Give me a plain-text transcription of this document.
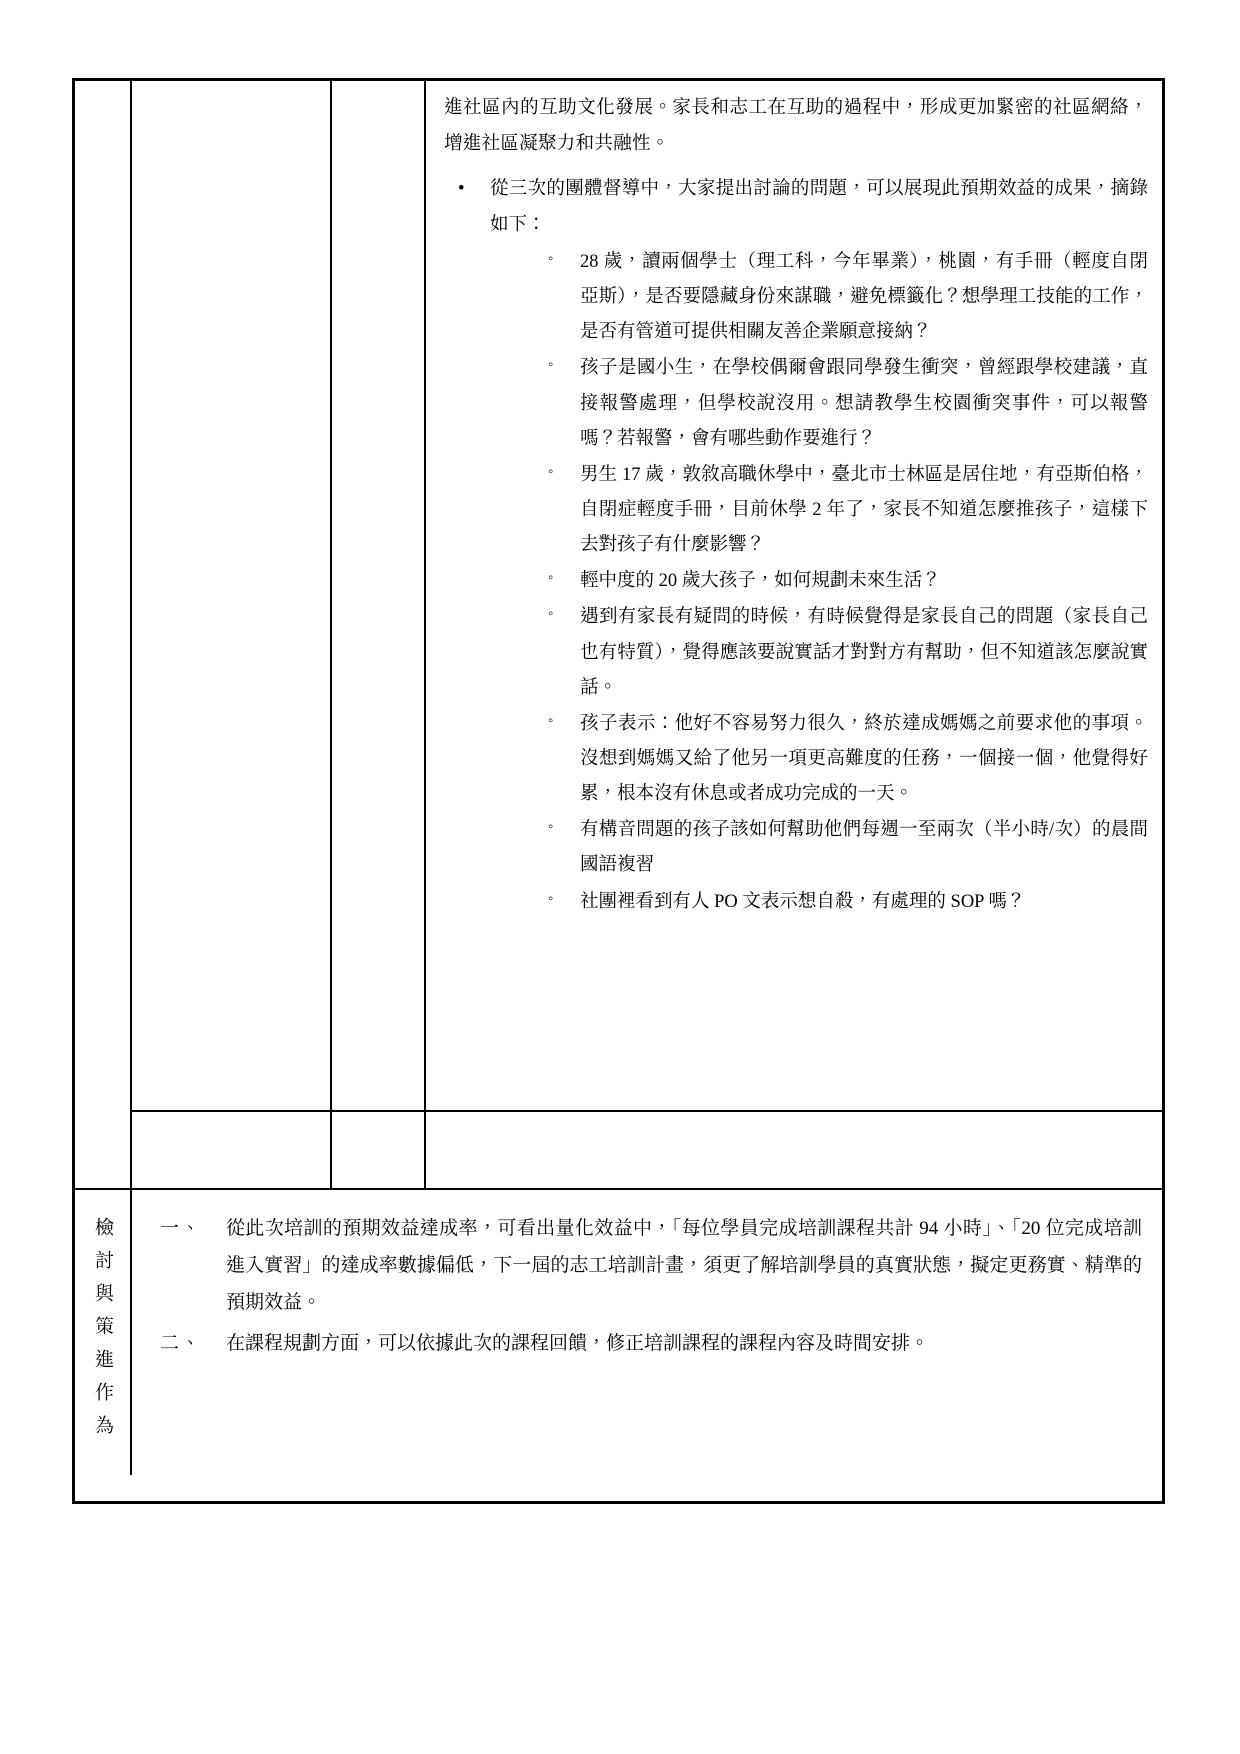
進社區內的互助文化發展。家長和志工在互助的過程中，形成更加緊密的社區網絡，增進社區凝聚力和共融性。

• 從三次的團體督導中，大家提出討論的問題，可以展現此預期效益的成果，摘錄如下：
◦ 28 歲，讀兩個學士（理工科，今年畢業），桃園，有手冊（輕度自閉亞斯），是否要隱藏身份來謀職，避免標籤化？想學理工技能的工作，是否有管道可提供相關友善企業願意接納？
◦ 孩子是國小生，在學校偶爾會跟同學發生衝突，曾經跟學校建議，直接報警處理，但學校說沒用。想請教學生校園衝突事件，可以報警嗎？若報警，會有哪些動作要進行？
◦ 男生 17 歲，敦敘高職休學中，臺北市士林區是居住地，有亞斯伯格，自閉症輕度手冊，目前休學 2 年了，家長不知道怎麼推孩子，這樣下去對孩子有什麼影響？
◦ 輕中度的 20 歲大孩子，如何規劃未來生活？
◦ 遇到有家長有疑問的時候，有時候覺得是家長自己的問題（家長自己也有特質），覺得應該要說實話才對對方有幫助，但不知道該怎麼說實話。
◦ 孩子表示：他好不容易努力很久，終於達成媽媽之前要求他的事項。沒想到媽媽又給了他另一項更高難度的任務，一個接一個，他覺得好累，根本沒有休息或者成功完成的一天。
◦ 有構音問題的孩子該如何幫助他們每週一至兩次（半小時/次）的晨間國語複習
◦ 社團裡看到有人 PO 文表示想自殺，有處理的 SOP 嗎？
檢討與策進作為 一、	從此次培訓的預期效益達成率，可看出量化效益中，「每位學員完成培訓課程共計 94 小時」、「20 位完成培訓進入實習」的達成率數據偏低，下一屆的志工培訓計畫，須更了解培訓學員的真實狀態，擬定更務實、精準的預期效益。
二、	在課程規劃方面，可以依據此次的課程回饋，修正培訓課程的課程內容及時間安排。
